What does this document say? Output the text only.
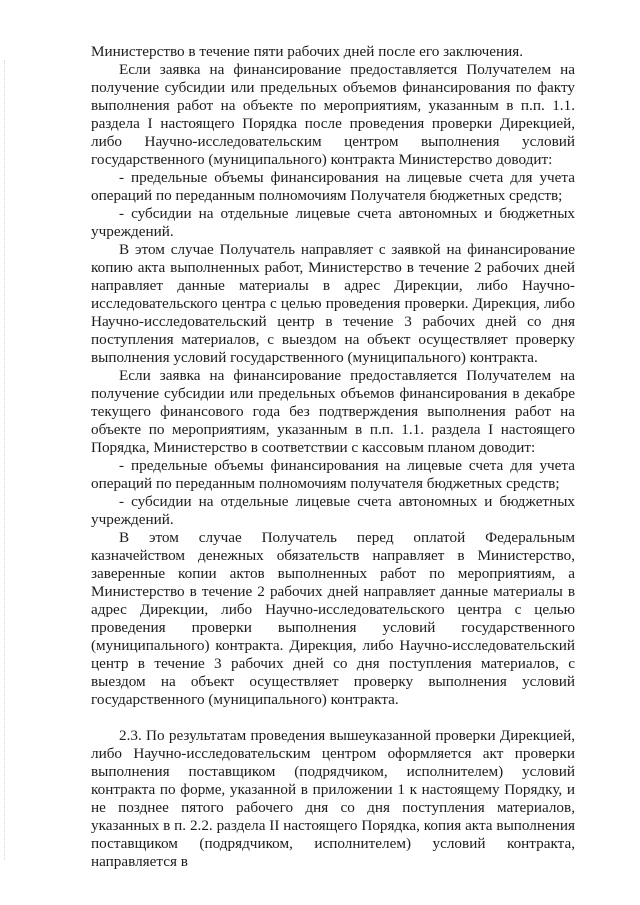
Министерство в течение пяти рабочих дней после его заключения.

Если заявка на финансирование предоставляется Получателем на получение субсидии или предельных объемов финансирования по факту выполнения работ на объекте по мероприятиям, указанным в п.п. 1.1. раздела I настоящего Порядка после проведения проверки Дирекцией, либо Научно-исследовательским центром выполнения условий государственного (муниципального) контракта Министерство доводит:

- предельные объемы финансирования на лицевые счета для учета операций по переданным полномочиям Получателя бюджетных средств;

- субсидии на отдельные лицевые счета автономных и бюджетных учреждений.

В этом случае Получатель направляет с заявкой на финансирование копию акта выполненных работ, Министерство в течение 2 рабочих дней направляет данные материалы в адрес Дирекции, либо Научно-исследовательского центра с целью проведения проверки. Дирекция, либо Научно-исследовательский центр в течение 3 рабочих дней со дня поступления материалов, с выездом на объект осуществляет проверку выполнения условий государственного (муниципального) контракта.

Если заявка на финансирование предоставляется Получателем на получение субсидии или предельных объемов финансирования в декабре текущего финансового года без подтверждения выполнения работ на объекте по мероприятиям, указанным в п.п. 1.1. раздела I настоящего Порядка, Министерство в соответствии с кассовым планом доводит:

- предельные объемы финансирования на лицевые счета для учета операций по переданным полномочиям получателя бюджетных средств;

- субсидии на отдельные лицевые счета автономных и бюджетных учреждений.

В этом случае Получатель перед оплатой Федеральным казначейством денежных обязательств направляет в Министерство, заверенные копии актов выполненных работ по мероприятиям, а Министерство в течение 2 рабочих дней направляет данные материалы в адрес Дирекции, либо Научно-исследовательского центра с целью проведения проверки выполнения условий государственного (муниципального) контракта. Дирекция, либо Научно-исследовательский центр в течение 3 рабочих дней со дня поступления материалов, с выездом на объект осуществляет проверку выполнения условий государственного (муниципального) контракта.

2.3. По результатам проведения вышеуказанной проверки Дирекцией, либо Научно-исследовательским центром оформляется акт проверки выполнения поставщиком (подрядчиком, исполнителем) условий контракта по форме, указанной в приложении 1 к настоящему Порядку, и не позднее пятого рабочего дня со дня поступления материалов, указанных в п. 2.2. раздела II настоящего Порядка, копия акта выполнения поставщиком (подрядчиком, исполнителем) условий контракта, направляется в
